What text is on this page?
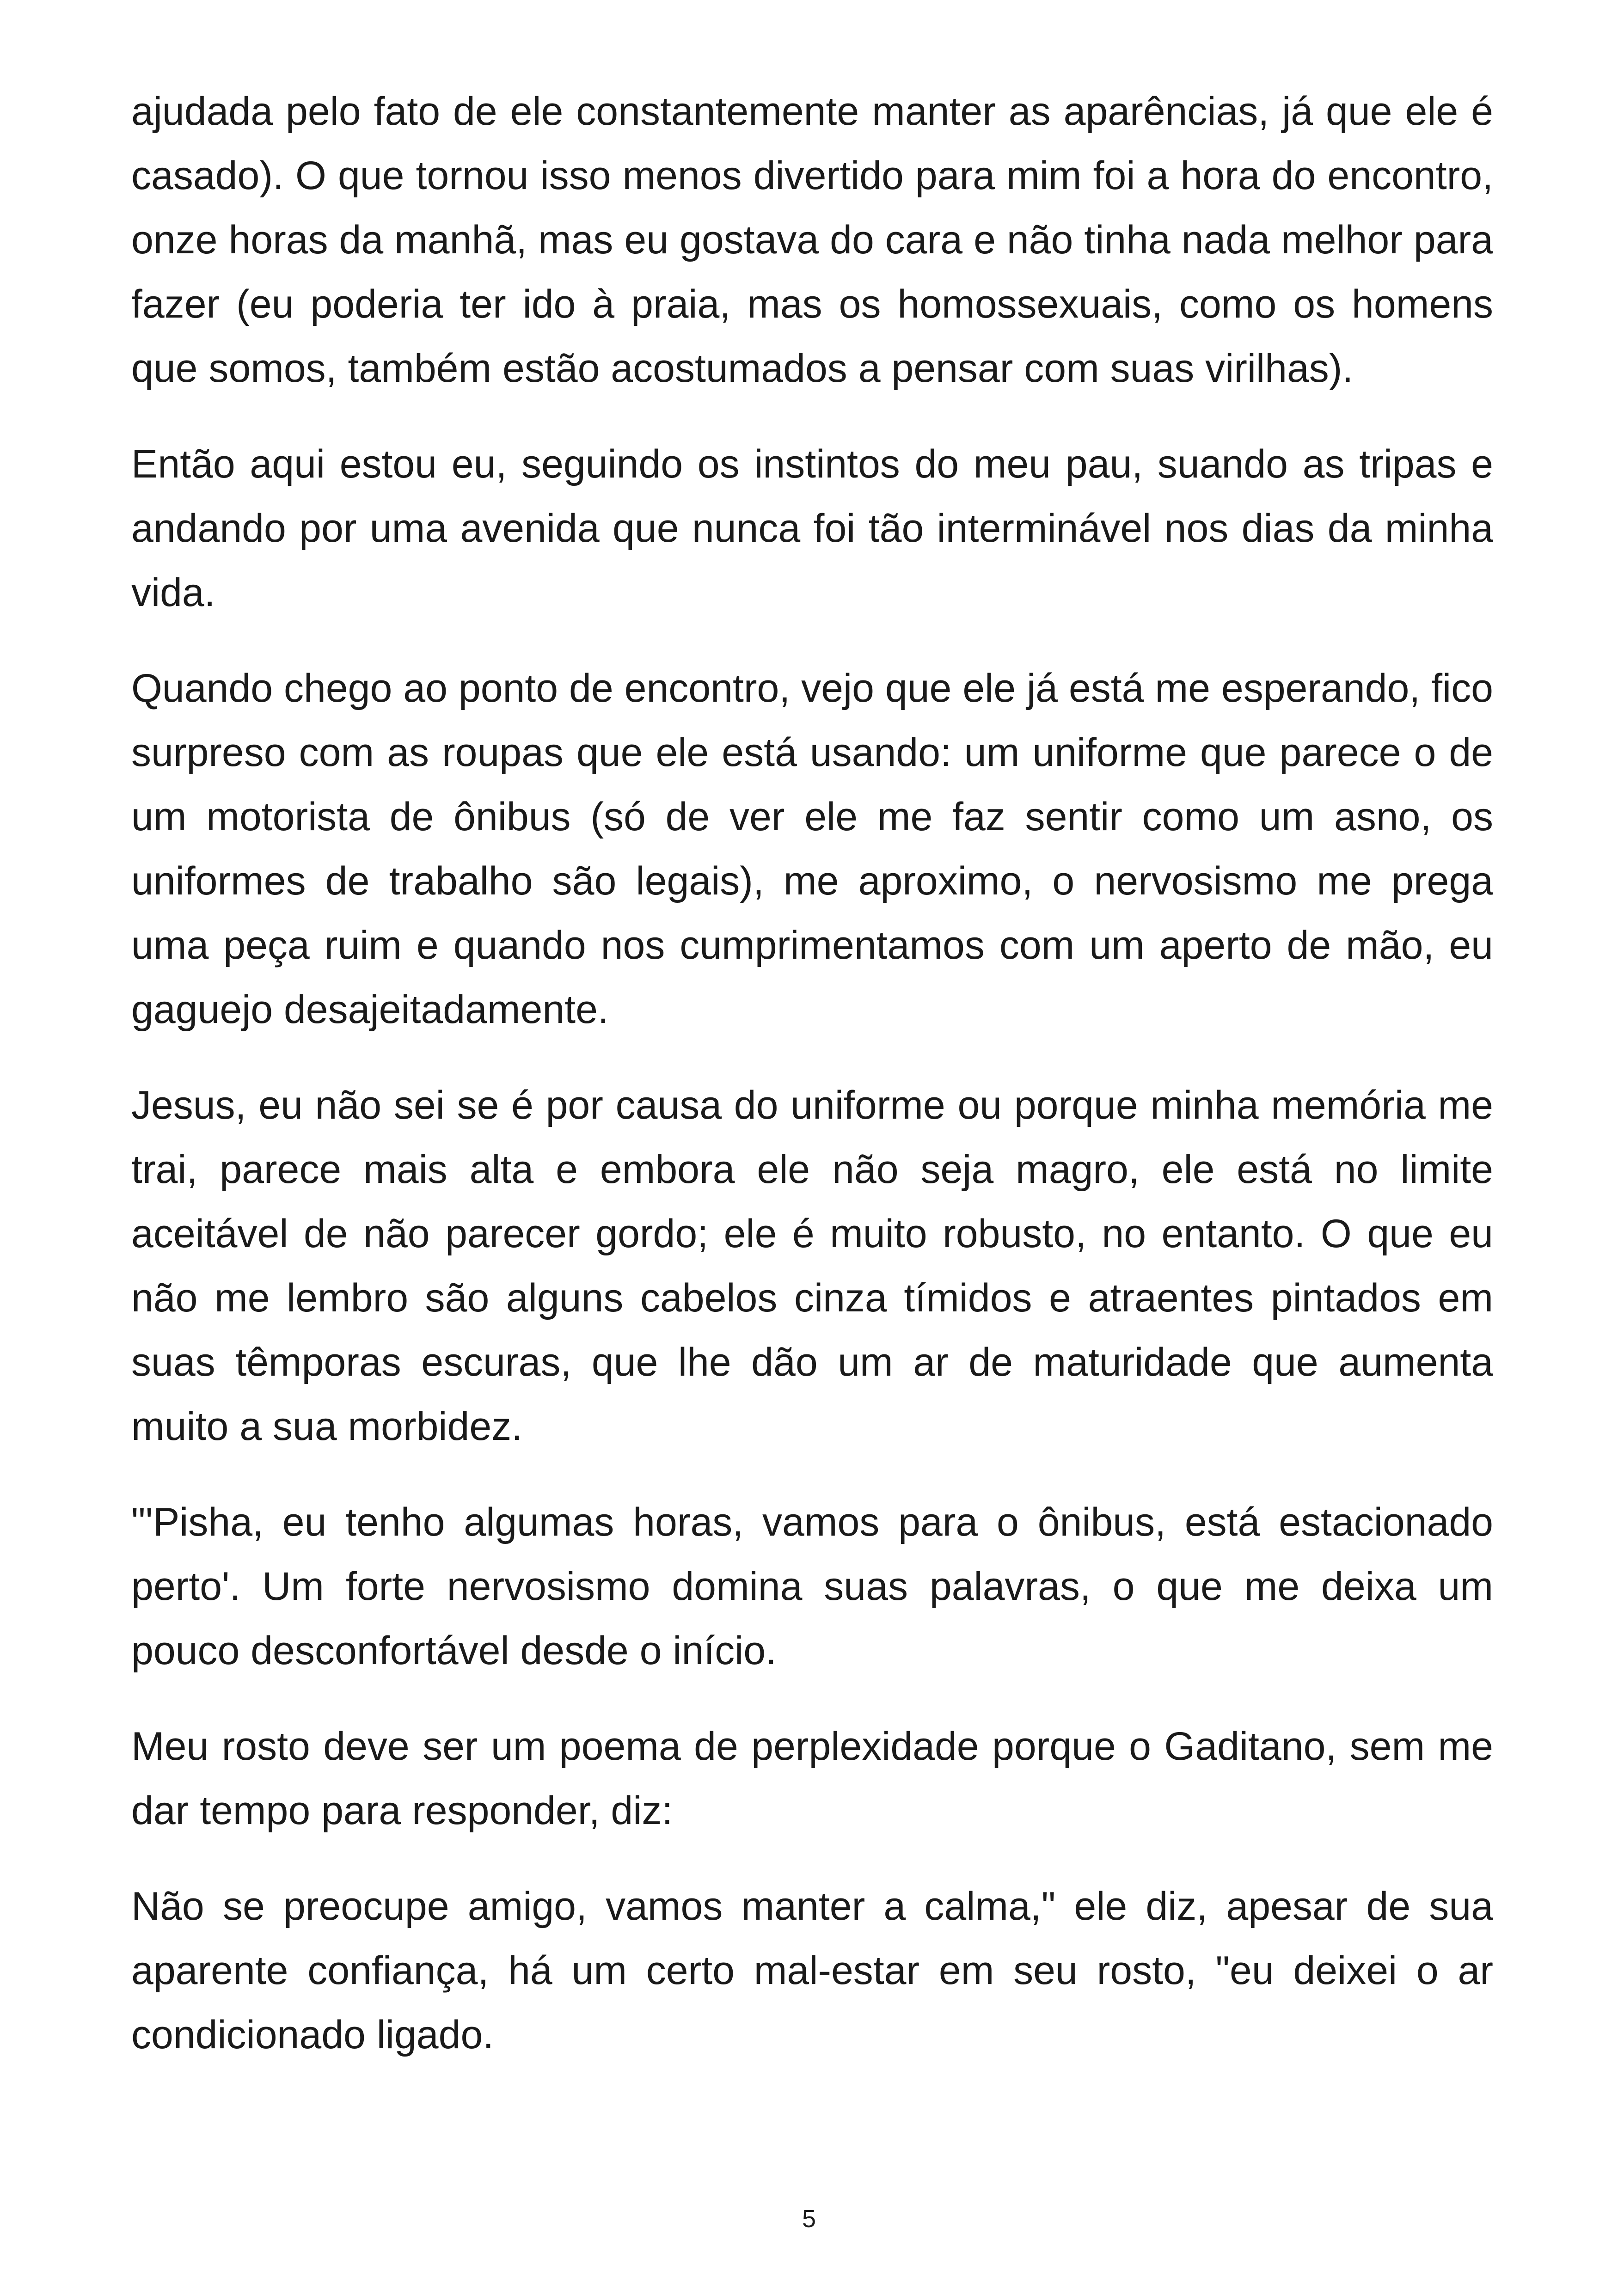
ajudada pelo fato de ele constantemente manter as aparências, já que ele é casado). O que tornou isso menos divertido para mim foi a hora do encontro, onze horas da manhã, mas eu gostava do cara e não tinha nada melhor para fazer (eu poderia ter ido à praia, mas os homossexuais, como os homens que somos, também estão acostumados a pensar com suas virilhas).

Então aqui estou eu, seguindo os instintos do meu pau, suando as tripas e andando por uma avenida que nunca foi tão interminável nos dias da minha vida.

Quando chego ao ponto de encontro, vejo que ele já está me esperando, fico surpreso com as roupas que ele está usando: um uniforme que parece o de um motorista de ônibus (só de ver ele me faz sentir como um asno, os uniformes de trabalho são legais), me aproximo, o nervosismo me prega uma peça ruim e quando nos cumprimentamos com um aperto de mão, eu gaguejo desajeitadamente.

Jesus, eu não sei se é por causa do uniforme ou porque minha memória me trai, parece mais alta e embora ele não seja magro, ele está no limite aceitável de não parecer gordo; ele é muito robusto, no entanto. O que eu não me lembro são alguns cabelos cinza tímidos e atraentes pintados em suas têmporas escuras, que lhe dão um ar de maturidade que aumenta muito a sua morbidez.

"'Pisha, eu tenho algumas horas, vamos para o ônibus, está estacionado perto'. Um forte nervosismo domina suas palavras, o que me deixa um pouco desconfortável desde o início.

Meu rosto deve ser um poema de perplexidade porque o Gaditano, sem me dar tempo para responder, diz:

Não se preocupe amigo, vamos manter a calma," ele diz, apesar de sua aparente confiança, há um certo mal-estar em seu rosto, "eu deixei o ar condicionado ligado.

5
